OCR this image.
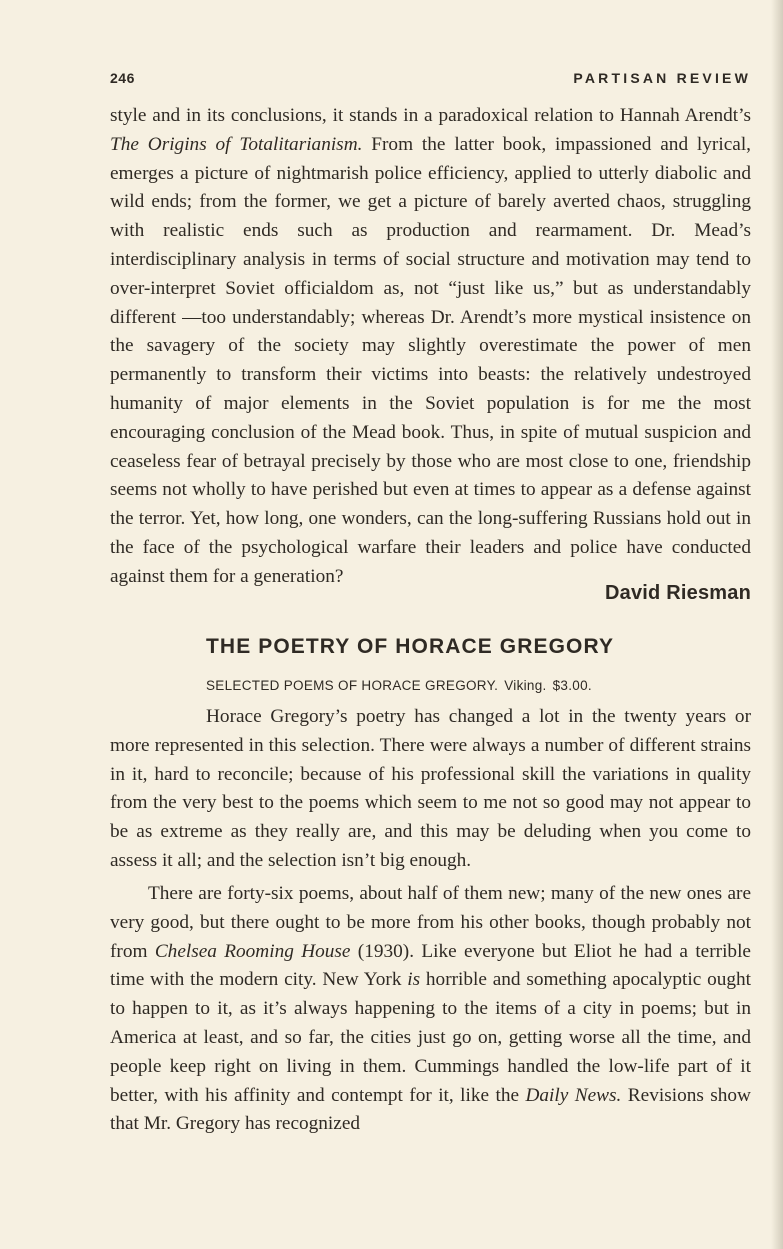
246	PARTISAN REVIEW

style and in its conclusions, it stands in a paradoxical relation to Hannah Arendt’s The Origins of Totalitarianism. From the latter book, impassioned and lyrical, emerges a picture of nightmarish police efficiency, applied to utterly diabolic and wild ends; from the former, we get a picture of barely averted chaos, struggling with realistic ends such as production and rearmament. Dr. Mead’s interdisciplinary analysis in terms of social structure and motivation may tend to over-interpret Soviet officialdom as, not “just like us,” but as understandably different —too understandably; whereas Dr. Arendt’s more mystical insistence on the savagery of the society may slightly overestimate the power of men permanently to transform their victims into beasts: the relatively undestroyed humanity of major elements in the Soviet population is for me the most encouraging conclusion of the Mead book. Thus, in spite of mutual suspicion and ceaseless fear of betrayal precisely by those who are most close to one, friendship seems not wholly to have perished but even at times to appear as a defense against the terror. Yet, how long, one wonders, can the long-suffering Russians hold out in the face of the psychological warfare their leaders and police have conducted against them for a generation?

David Riesman
THE POETRY OF HORACE GREGORY
SELECTED POEMS OF HORACE GREGORY. Viking. $3.00.

Horace Gregory’s poetry has changed a lot in the twenty years or more represented in this selection. There were always a number of different strains in it, hard to reconcile; because of his professional skill the variations in quality from the very best to the poems which seem to me not so good may not appear to be as extreme as they really are, and this may be deluding when you come to assess it all; and the selection isn’t big enough.

There are forty-six poems, about half of them new; many of the new ones are very good, but there ought to be more from his other books, though probably not from Chelsea Rooming House (1930). Like everyone but Eliot he had a terrible time with the modern city. New York is horrible and something apocalyptic ought to happen to it, as it’s always happening to the items of a city in poems; but in America at least, and so far, the cities just go on, getting worse all the time, and people keep right on living in them. Cummings handled the low-life part of it better, with his affinity and contempt for it, like the Daily News. Revisions show that Mr. Gregory has recognized
